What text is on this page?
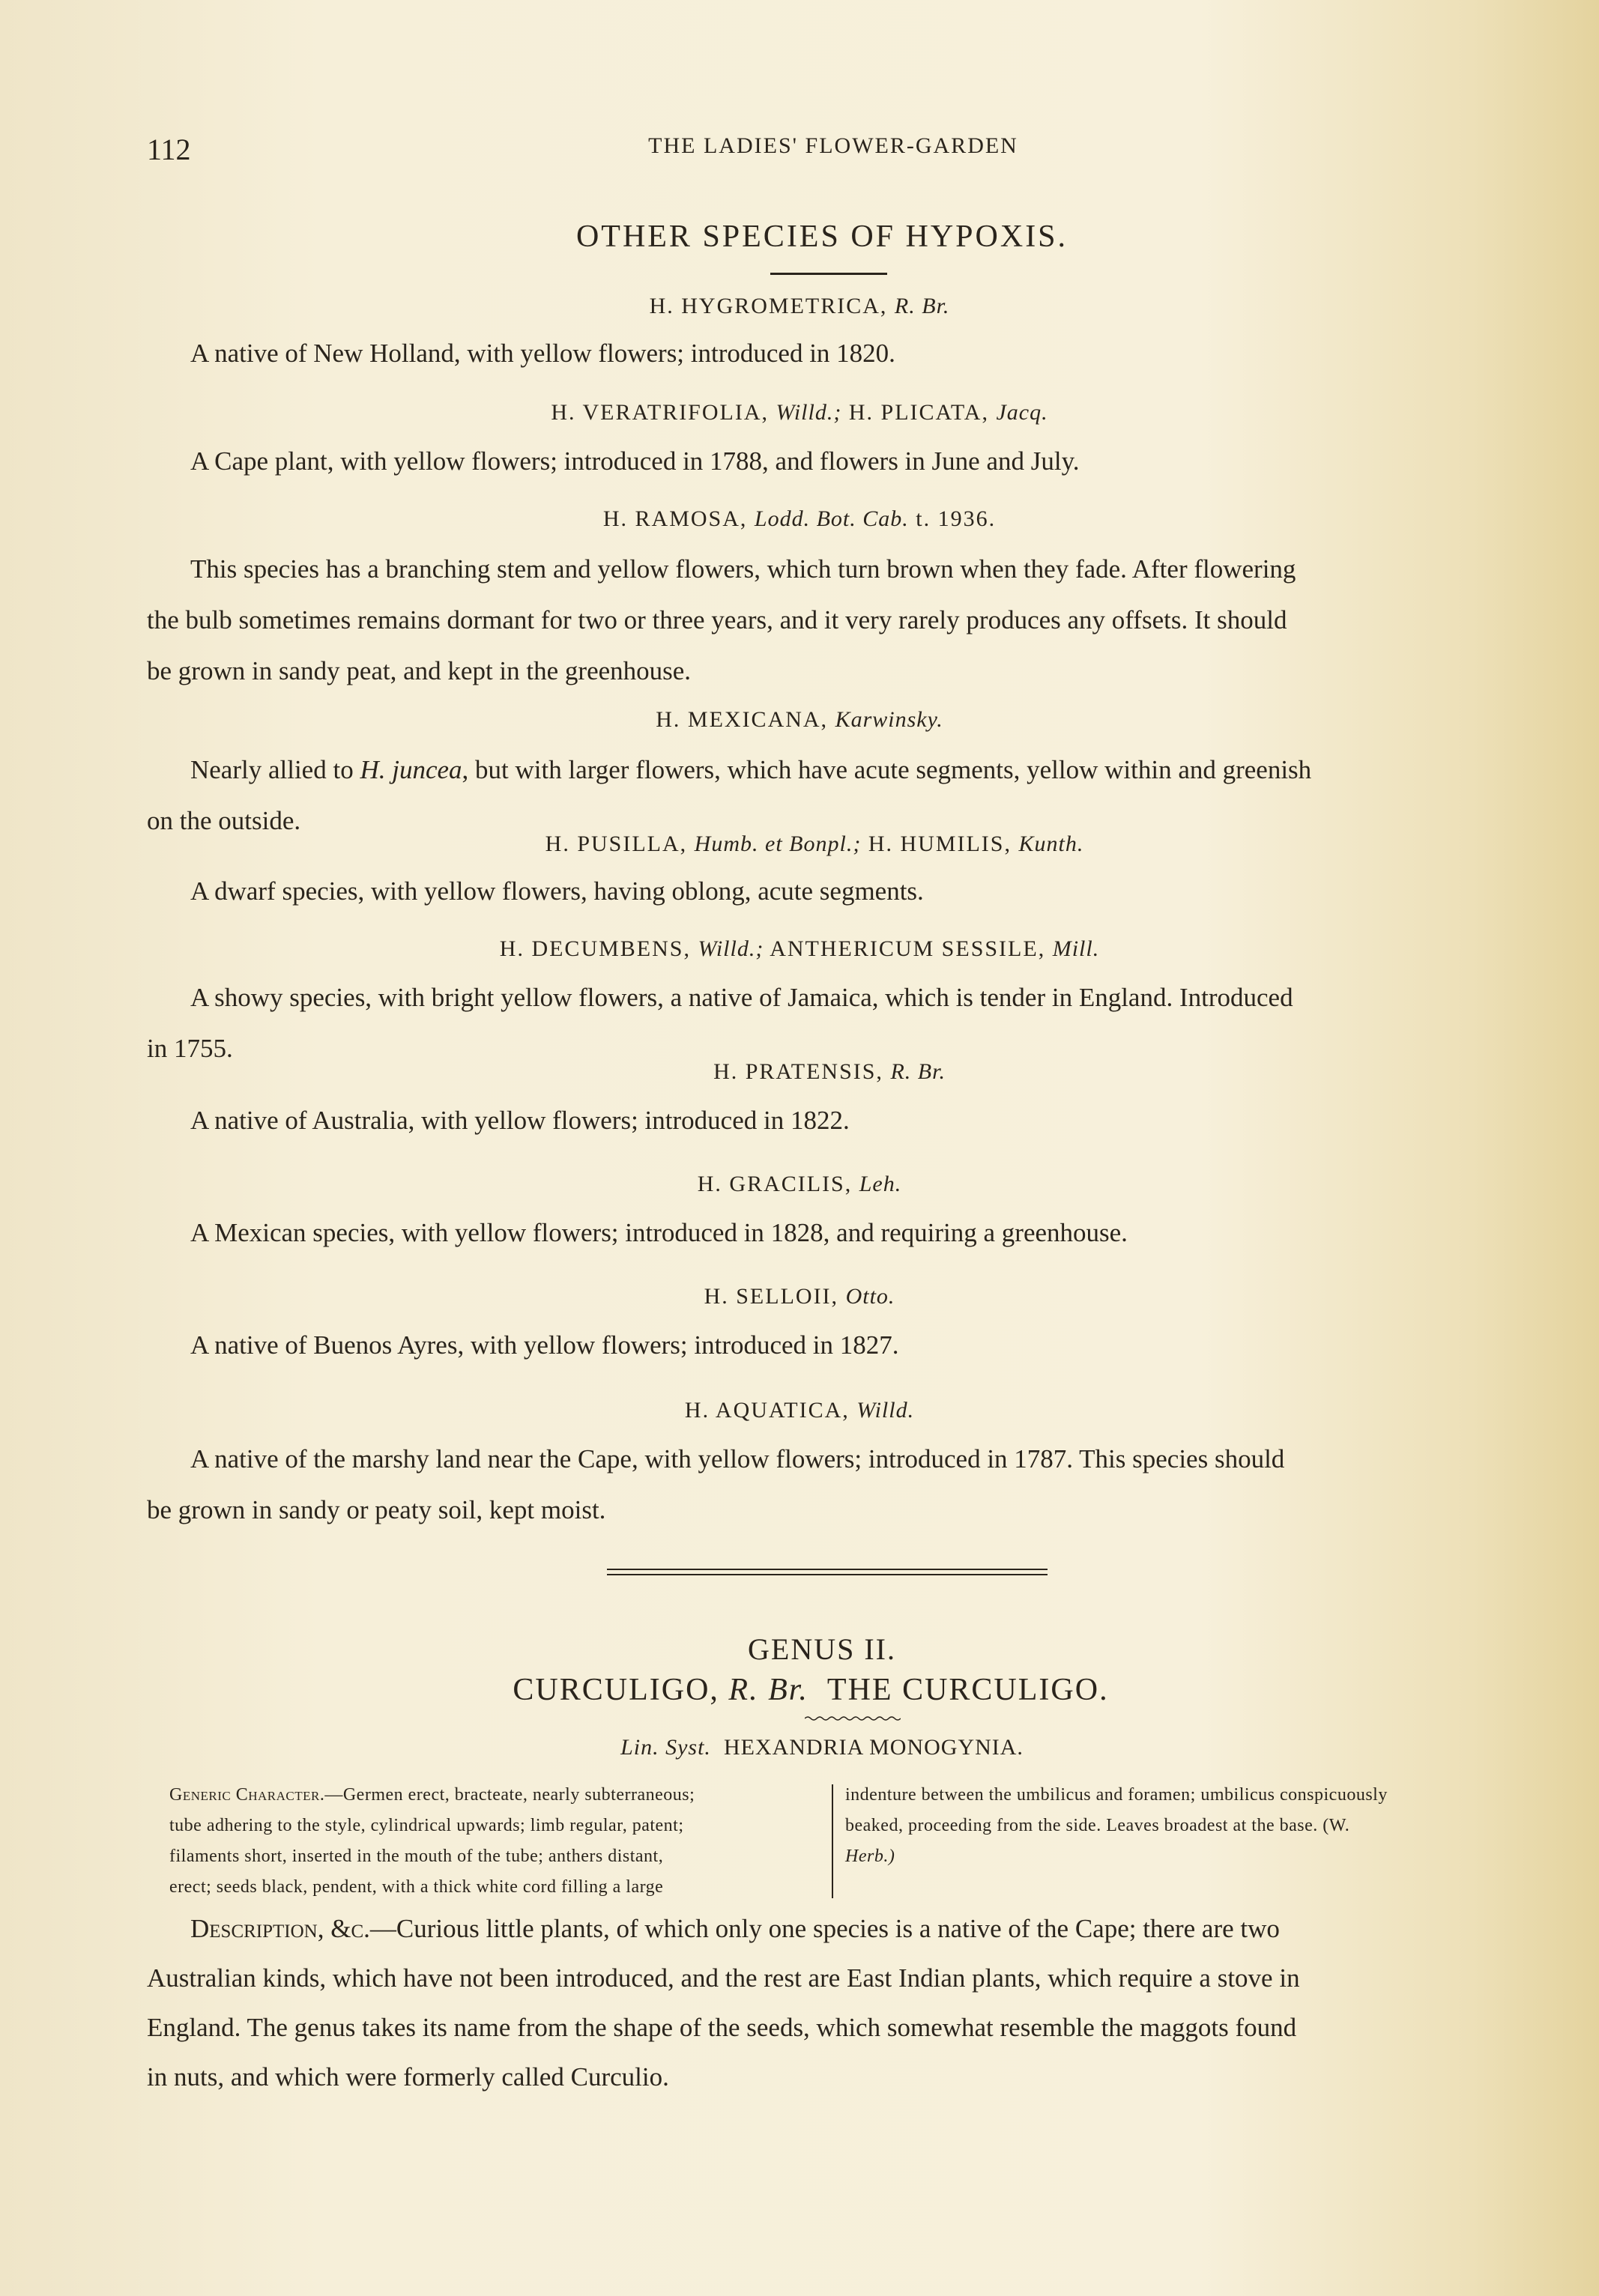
112	THE LADIES' FLOWER-GARDEN
OTHER SPECIES OF HYPOXIS.
H. HYGROMETRICA, R. Br.
A native of New Holland, with yellow flowers; introduced in 1820.
H. VERATRIFOLIA, Willd.; H. PLICATA, Jacq.
A Cape plant, with yellow flowers; introduced in 1788, and flowers in June and July.
H. RAMOSA, Lodd. Bot. Cab. t. 1936.
This species has a branching stem and yellow flowers, which turn brown when they fade. After flowering
the bulb sometimes remains dormant for two or three years, and it very rarely produces any offsets. It should
be grown in sandy peat, and kept in the greenhouse.
H. MEXICANA, Karwinsky.
Nearly allied to H. juncea, but with larger flowers, which have acute segments, yellow within and greenish
on the outside.
H. PUSILLA, Humb. et Bonpl.; H. HUMILIS, Kunth.
A dwarf species, with yellow flowers, having oblong, acute segments.
H. DECUMBENS, Willd.; ANTHERICUM SESSILE, Mill.
A showy species, with bright yellow flowers, a native of Jamaica, which is tender in England. Introduced
in 1755.
H. PRATENSIS, R. Br.
A native of Australia, with yellow flowers; introduced in 1822.
H. GRACILIS, Leh.
A Mexican species, with yellow flowers; introduced in 1828, and requiring a greenhouse.
H. SELLOII, Otto.
A native of Buenos Ayres, with yellow flowers; introduced in 1827.
H. AQUATICA, Willd.
A native of the marshy land near the Cape, with yellow flowers; introduced in 1787. This species should
be grown in sandy or peaty soil, kept moist.
GENUS II.
CURCULIGO, R. Br. THE CURCULIGO.
Lin. Syst. HEXANDRIA MONOGYNIA.
Generic Character.—Germen erect, bracteate, nearly subterraneous;
tube adhering to the style, cylindrical upwards; limb regular, patent;
filaments short, inserted in the mouth of the tube; anthers distant,
erect; seeds black, pendent, with a thick white cord filling a large
indenture between the umbilicus and foramen; umbilicus conspicuously
beaked, proceeding from the side. Leaves broadest at the base. (W.
Herb.)
Description, &c.—Curious little plants, of which only one species is a native of the Cape; there are two
Australian kinds, which have not been introduced, and the rest are East Indian plants, which require a stove in
England. The genus takes its name from the shape of the seeds, which somewhat resemble the maggots found
in nuts, and which were formerly called Curculio.
